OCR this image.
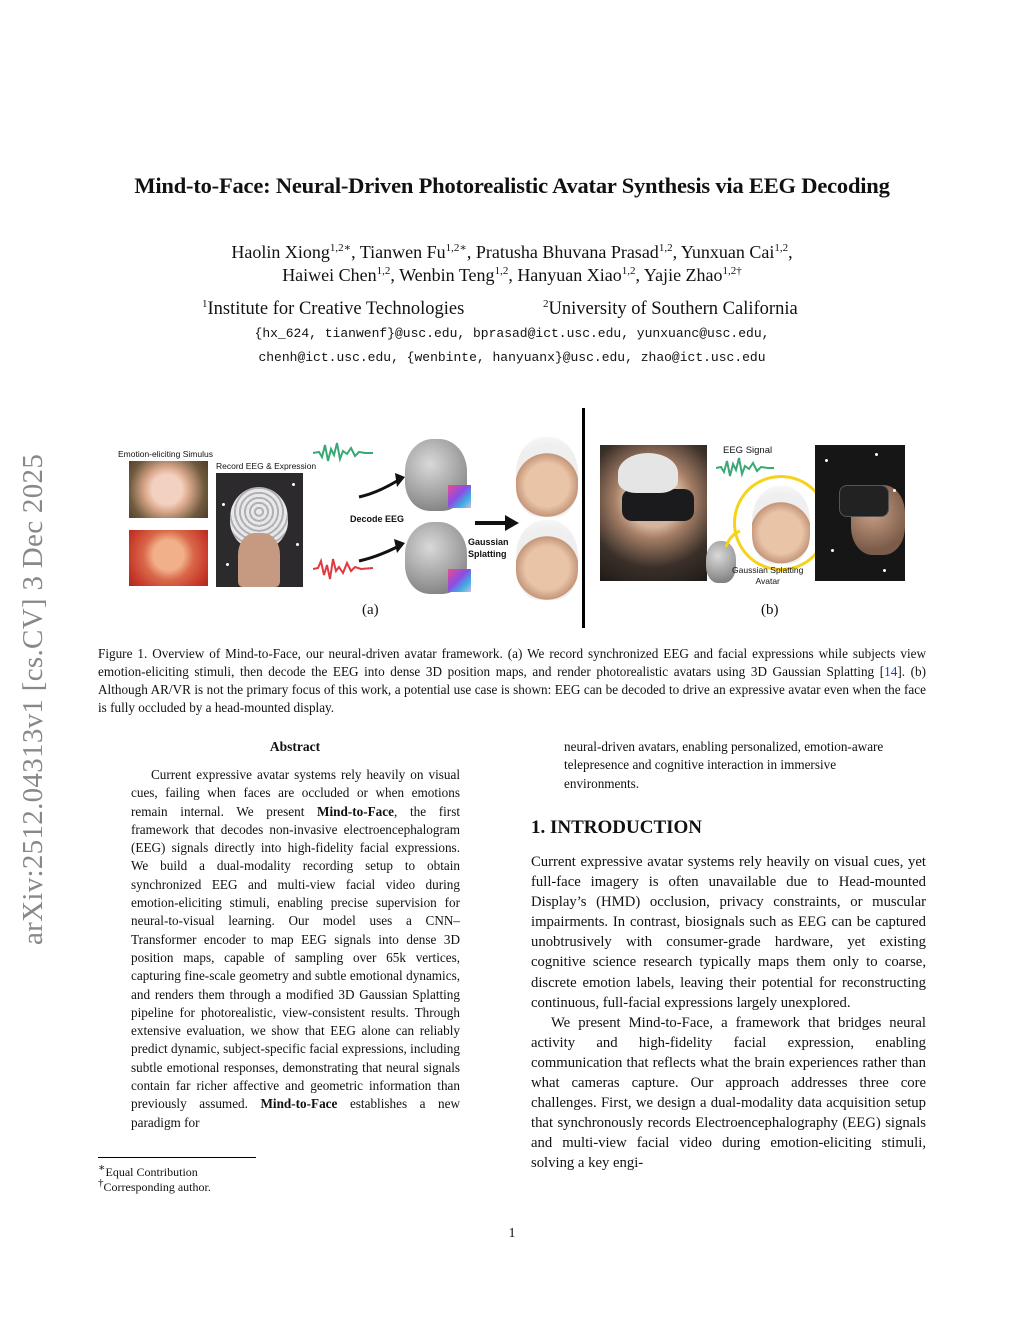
Mind-to-Face: Neural-Driven Photorealistic Avatar Synthesis via EEG Decoding
Haolin Xiong$^{1,2∗}$, Tianwen $Fu^{1,2∗}$, Pratusha Bhuvana Prasad$^{1,2}$, Yunxuan Cai$^{1,2}$,
Haiwei Chen$^{1,2}$, Wenbin Teng$^{1,2}$, Hanyuan Xiao$^{1,2}$, Yajie Zhao$^{1,2\dagger}$
$^1$Institute for Creative Technologies	$^2$University of Southern California
{hx_624, tianwenf}@usc.edu, bprasad@ict.usc.edu, yunxuanc@usc.edu,
chenh@ict.usc.edu, {wenbinte, hanyuanx}@usc.edu, zhao@ict.usc.edu
arXiv:2512.04313v1 [cs.CV] 3 Dec 2025	Emotion-eliciting Simulus
Record EEG & Expression
Decode EEG
Gaussian
Splatting
(a)
EEG Signal
Gaussian Splatting
Avatar
(b)
Figure 1. Overview of Mind-to-Face, our neural-driven avatar framework. (a) We record synchronized EEG and facial expressions while subjects view emotion-eliciting stimuli, then decode the EEG into dense 3D position maps, and render photorealistic avatars using 3D Gaussian Splatting [14]. (b) Although AR/VR is not the primary focus of this work, a potential use case is shown: EEG can be decoded to drive an expressive avatar even when the face is fully occluded by a head-mounted display.
Abstract

Current expressive avatar systems rely heavily on visual cues, failing when faces are occluded or when emotions remain internal. We present Mind-to-Face, the first framework that decodes non-invasive electroencephalogram (EEG) signals directly into high-fidelity facial expressions. We build a dual-modality recording setup to obtain synchronized EEG and multi-view facial video during emotion-eliciting stimuli, enabling precise supervision for neural-to-visual learning. Our model uses a CNN–Transformer encoder to map EEG signals into dense 3D position maps, capable of sampling over 65k vertices, capturing fine-scale geometry and subtle emotional dynamics, and renders them through a modified 3D Gaussian Splatting pipeline for photorealistic, view-consistent results. Through extensive evaluation, we show that EEG alone can reliably predict dynamic, subject-specific facial expressions, including subtle emotional responses, demonstrating that neural signals contain far richer affective and geometric information than previously assumed. Mind-to-Face establishes a new paradigm for

∗Equal Contribution
†Corresponding author.
neural-driven avatars, enabling personalized, emotion-aware telepresence and cognitive interaction in immersive environments.
1. INTRODUCTION

Current expressive avatar systems rely heavily on visual cues, yet full-face imagery is often unavailable due to Head-mounted Display’s (HMD) occlusion, privacy constraints, or muscular impairments. In contrast, biosignals such as EEG can be captured unobtrusively with consumer-grade hardware, yet existing cognitive science research typically maps them only to coarse, discrete emotion labels, leaving their potential for reconstructing continuous, full-facial expressions largely unexplored.

We present Mind-to-Face, a framework that bridges neural activity and high-fidelity facial expression, enabling communication that reflects what the brain experiences rather than what cameras capture. Our approach addresses three core challenges. First, we design a dual-modality data acquisition setup that synchronously records Electroencephalography (EEG) signals and multi-view facial video during emotion-eliciting stimuli, solving a key engi-

1
